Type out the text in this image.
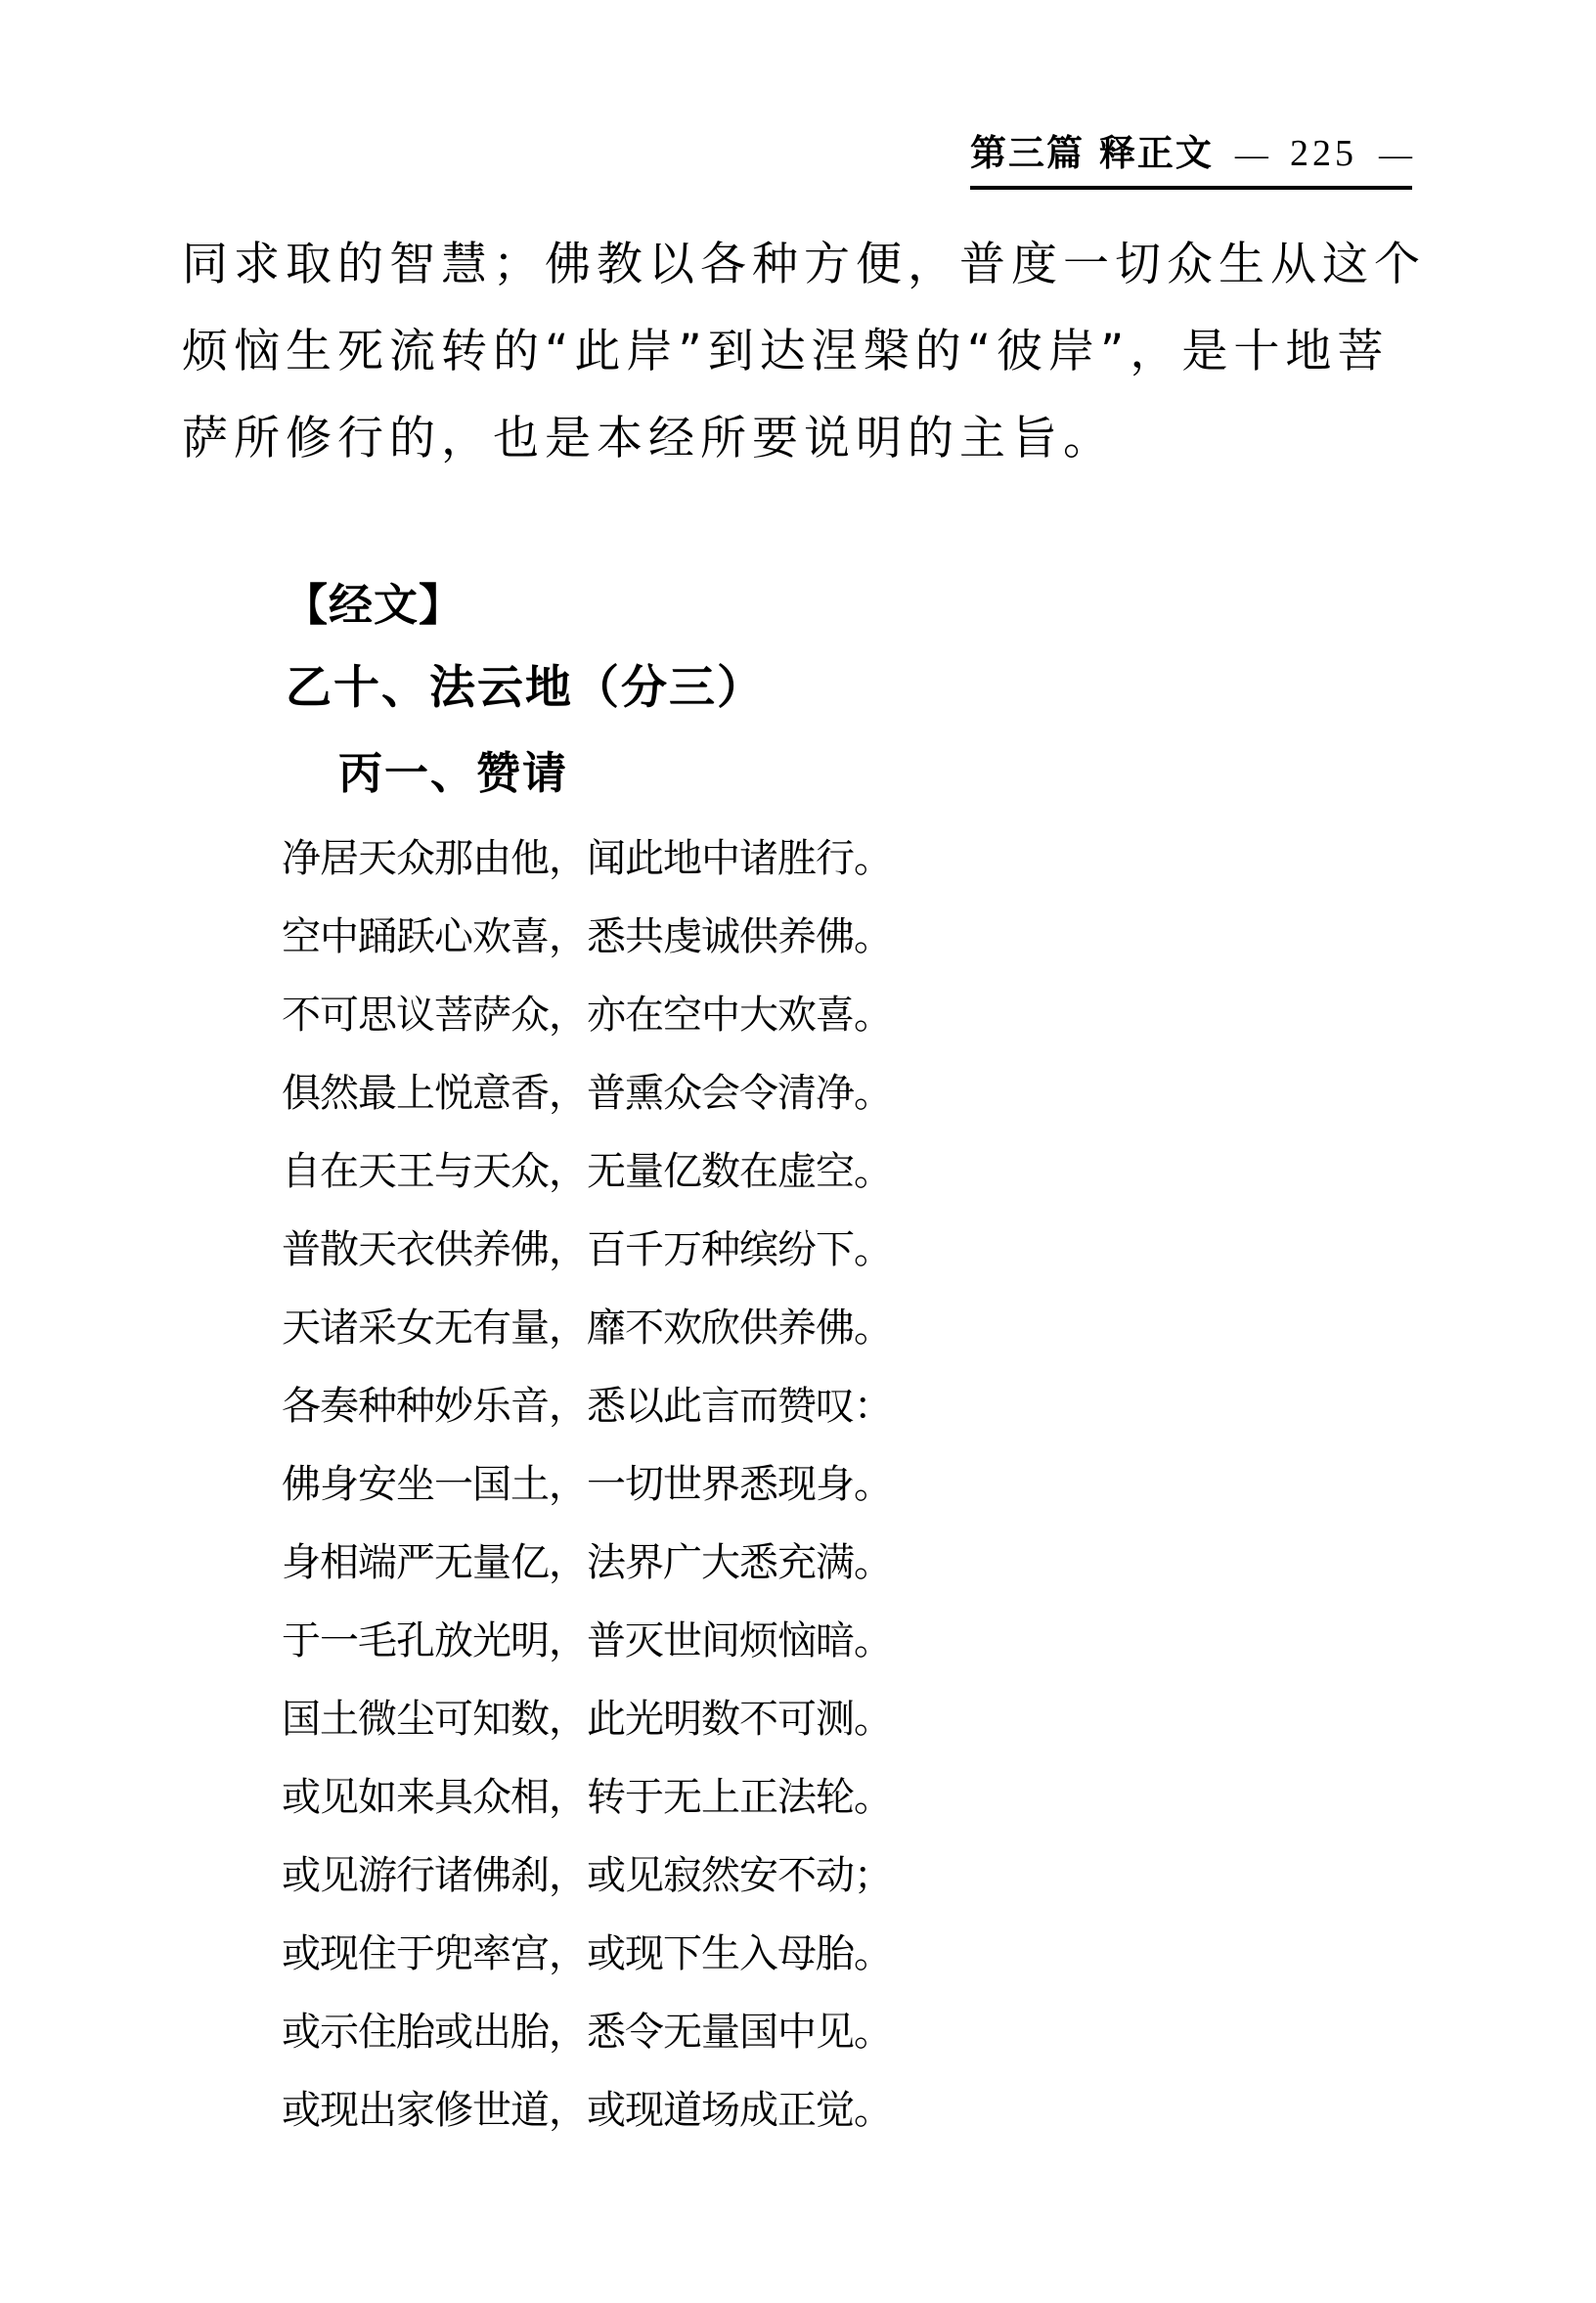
第三篇 释正文 — 225 —
同求取的智慧；佛教以各种方便，普度一切众生从这个
烦恼生死流转的“此岸”到达涅槃的“彼岸”，是十地菩
萨所修行的，也是本经所要说明的主旨。
【经文】
乙十、法云地（分三）
丙一、赞请
净居天众那由他，闻此地中诸胜行。
空中踊跃心欢喜，悉共虔诚供养佛。
不可思议菩萨众，亦在空中大欢喜。
俱然最上悦意香，普熏众会令清净。
自在天王与天众，无量亿数在虚空。
普散天衣供养佛，百千万种缤纷下。
天诸采女无有量，靡不欢欣供养佛。
各奏种种妙乐音，悉以此言而赞叹：
佛身安坐一国土，一切世界悉现身。
身相端严无量亿，法界广大悉充满。
于一毛孔放光明，普灭世间烦恼暗。
国土微尘可知数，此光明数不可测。
或见如来具众相，转于无上正法轮。
或见游行诸佛刹，或见寂然安不动；
或现住于兜率宫，或现下生入母胎。
或示住胎或出胎，悉令无量国中见。
或现出家修世道，或现道场成正觉。
